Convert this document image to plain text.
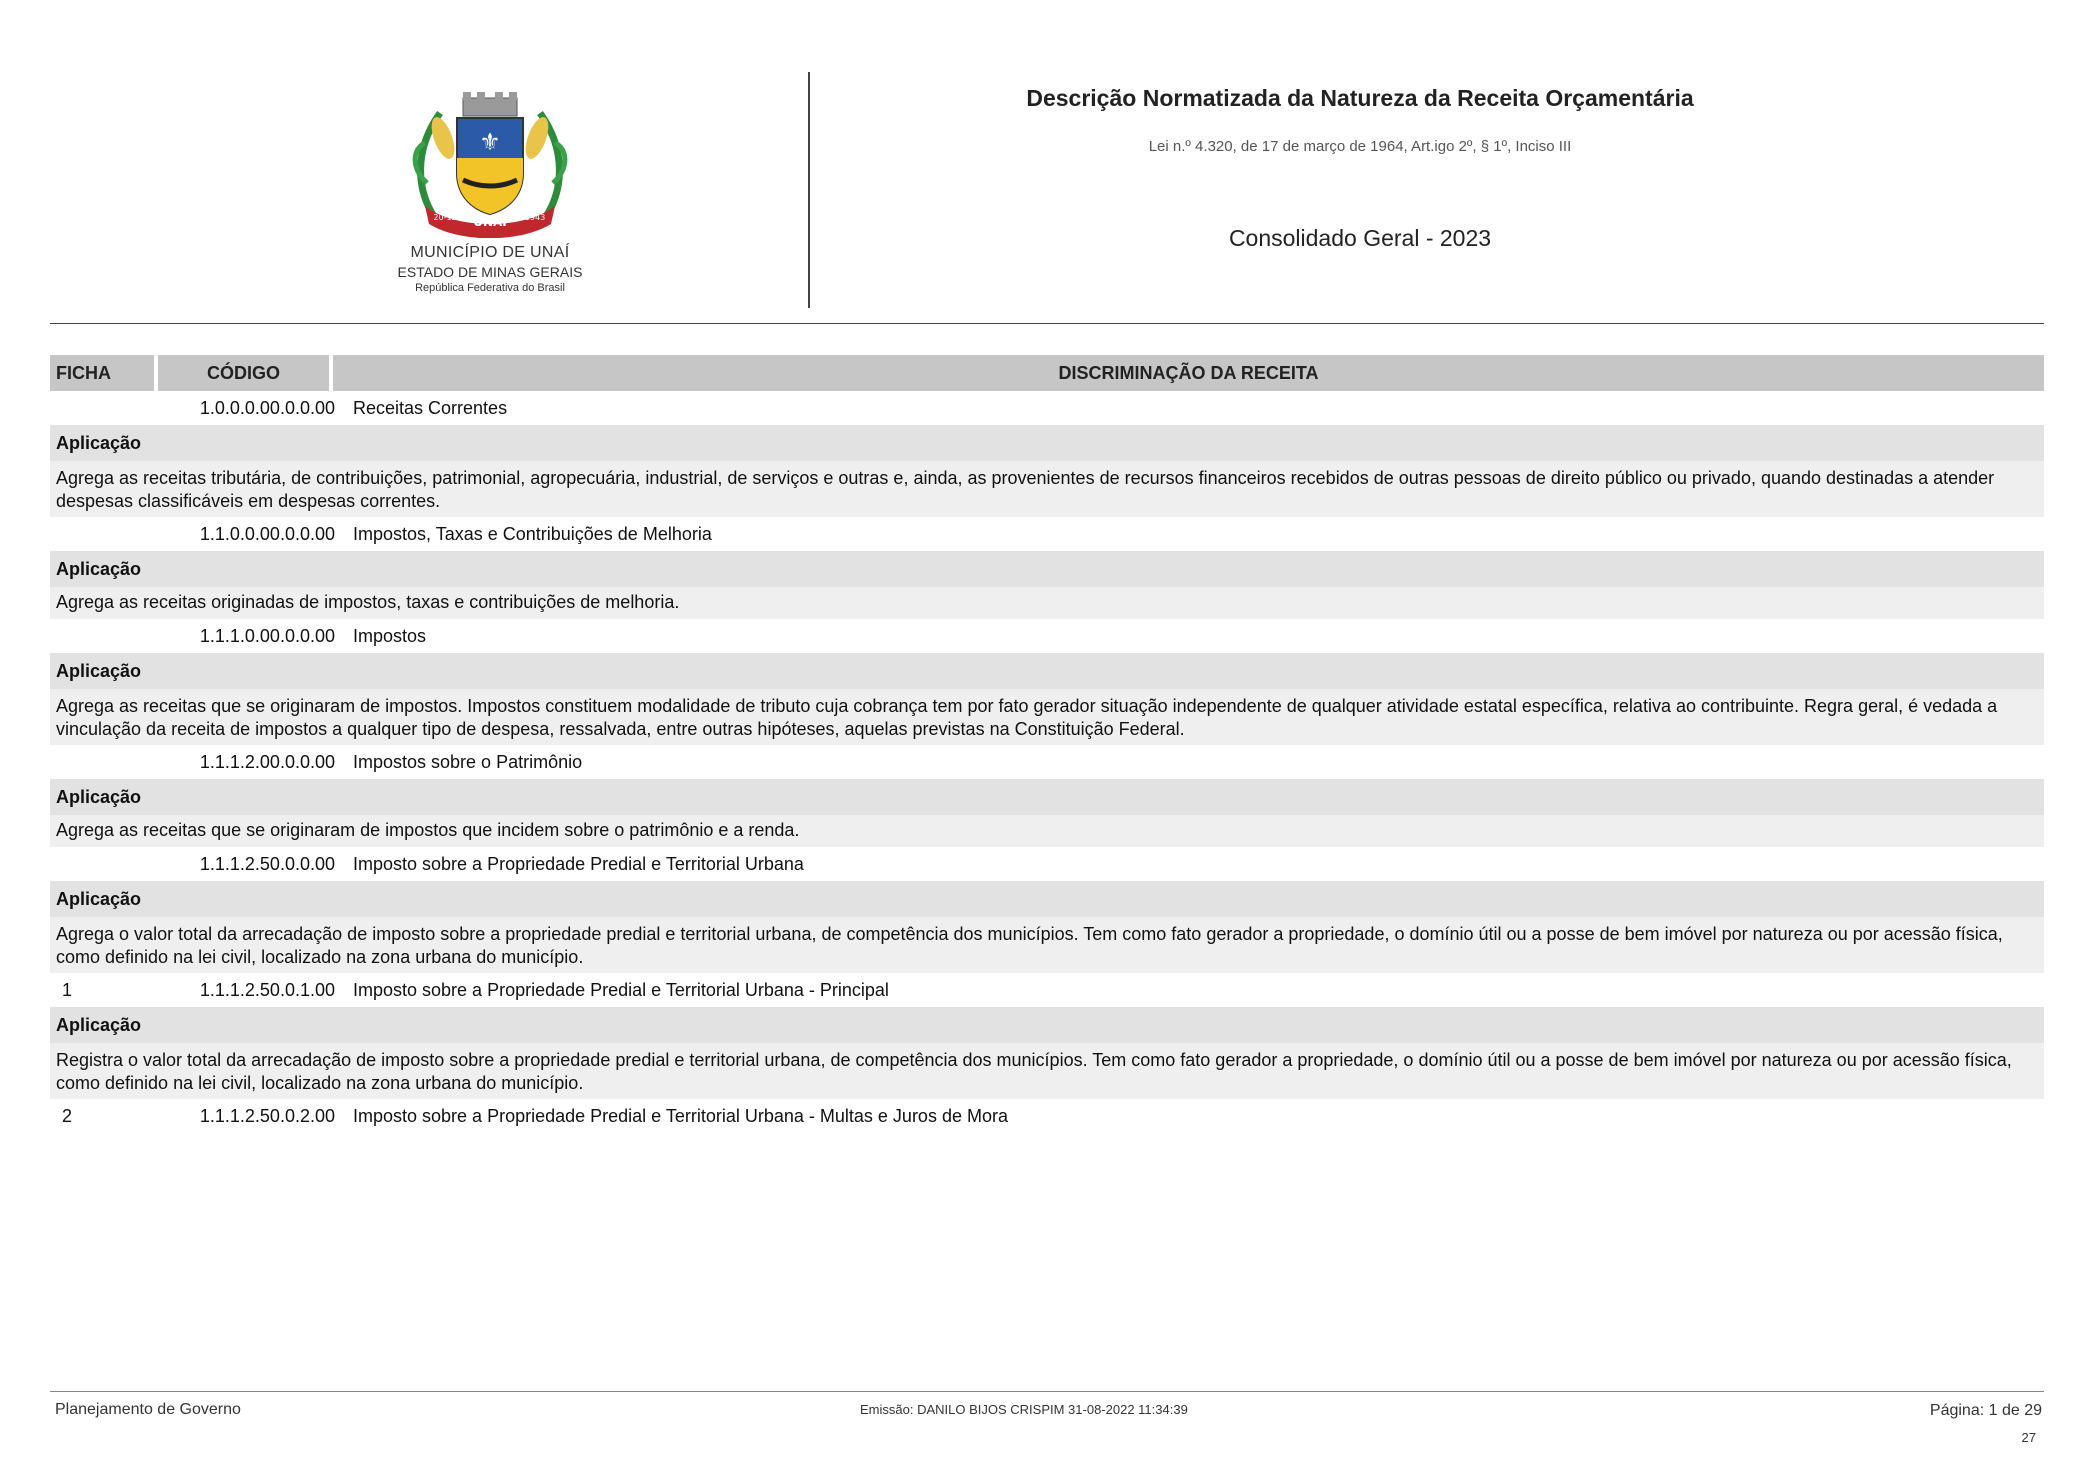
⚜
UNAÍ
20-12	1943
MUNICÍPIO DE UNAÍ
ESTADO DE MINAS GERAIS
República Federativa do Brasil
Descrição Normatizada da Natureza da Receita Orçamentária
Lei n.º 4.320, de 17 de março de 1964, Art.igo 2º, § 1º, Inciso III
Consolidado Geral - 2023
FICHA	CÓDIGO	DISCRIMINAÇÃO DA RECEITA
1.0.0.0.00.0.0.00	Receitas Correntes
Aplicação
Agrega as receitas tributária, de contribuições, patrimonial, agropecuária, industrial, de serviços e outras e, ainda, as provenientes de recursos financeiros recebidos de outras pessoas de direito público ou privado, quando destinadas a atender despesas classificáveis em despesas correntes.
1.1.0.0.00.0.0.00	Impostos, Taxas e Contribuições de Melhoria
Aplicação
Agrega as receitas originadas de impostos, taxas e contribuições de melhoria.
1.1.1.0.00.0.0.00	Impostos
Aplicação
Agrega as receitas que se originaram de impostos. Impostos constituem modalidade de tributo cuja cobrança tem por fato gerador situação independente de qualquer atividade estatal específica, relativa ao contribuinte. Regra geral, é vedada a vinculação da receita de impostos a qualquer tipo de despesa, ressalvada, entre outras hipóteses, aquelas previstas na Constituição Federal.
1.1.1.2.00.0.0.00	Impostos sobre o Patrimônio
Aplicação
Agrega as receitas que se originaram de impostos que incidem sobre o patrimônio e a renda.
1.1.1.2.50.0.0.00	Imposto sobre a Propriedade Predial e Territorial Urbana
Aplicação
Agrega o valor total da arrecadação de imposto sobre a propriedade predial e territorial urbana, de competência dos municípios. Tem como fato gerador a propriedade, o domínio útil ou a posse de bem imóvel por natureza ou por acessão física, como definido na lei civil, localizado na zona urbana do município.
1	1.1.1.2.50.0.1.00	Imposto sobre a Propriedade Predial e Territorial Urbana - Principal
Aplicação
Registra o valor total da arrecadação de imposto sobre a propriedade predial e territorial urbana, de competência dos municípios. Tem como fato gerador a propriedade, o domínio útil ou a posse de bem imóvel por natureza ou por acessão física, como definido na lei civil, localizado na zona urbana do município.
2	1.1.1.2.50.0.2.00	Imposto sobre a Propriedade Predial e Territorial Urbana - Multas e Juros de Mora
Planejamento de Governo	Emissão: DANILO BIJOS CRISPIM 31-08-2022 11:34:39	Página: 1 de 29
27
